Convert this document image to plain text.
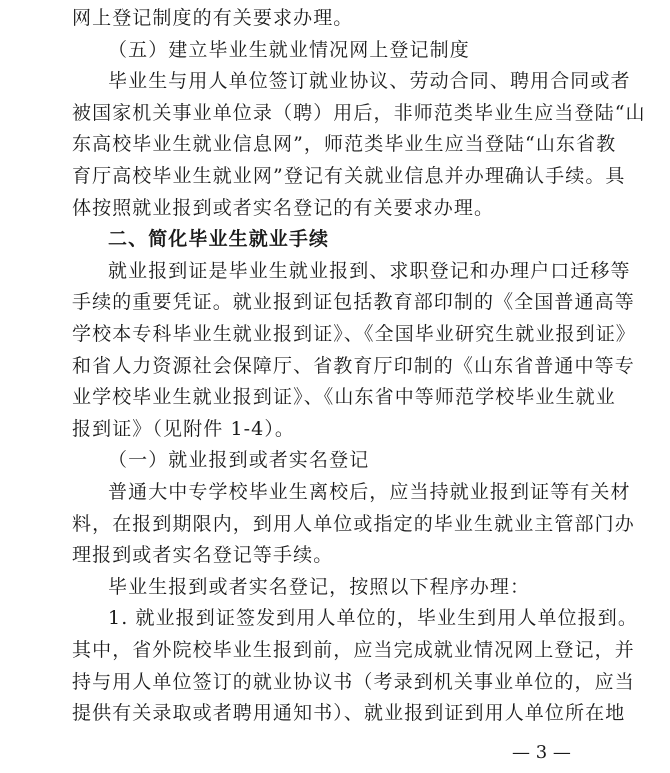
网上登记制度的有关要求办理。
（五）建立毕业生就业情况网上登记制度
毕业生与用人单位签订就业协议、劳动合同、聘用合同或者
被国家机关事业单位录（聘）用后，非师范类毕业生应当登陆“山
东高校毕业生就业信息网”，师范类毕业生应当登陆“山东省教
育厅高校毕业生就业网”登记有关就业信息并办理确认手续。具
体按照就业报到或者实名登记的有关要求办理。
二、简化毕业生就业手续
就业报到证是毕业生就业报到、求职登记和办理户口迁移等
手续的重要凭证。就业报到证包括教育部印制的《全国普通高等
学校本专科毕业生就业报到证》、《全国毕业研究生就业报到证》
和省人力资源社会保障厅、省教育厅印制的《山东省普通中等专
业学校毕业生就业报到证》、《山东省中等师范学校毕业生就业
报到证》（见附件 1-4）。
（一）就业报到或者实名登记
普通大中专学校毕业生离校后，应当持就业报到证等有关材
料，在报到期限内，到用人单位或指定的毕业生就业主管部门办
理报到或者实名登记等手续。
毕业生报到或者实名登记，按照以下程序办理：
1. 就业报到证签发到用人单位的，毕业生到用人单位报到。
其中，省外院校毕业生报到前，应当完成就业情况网上登记，并
持与用人单位签订的就业协议书（考录到机关事业单位的，应当
提供有关录取或者聘用通知书）、就业报到证到用人单位所在地
— 3 —
